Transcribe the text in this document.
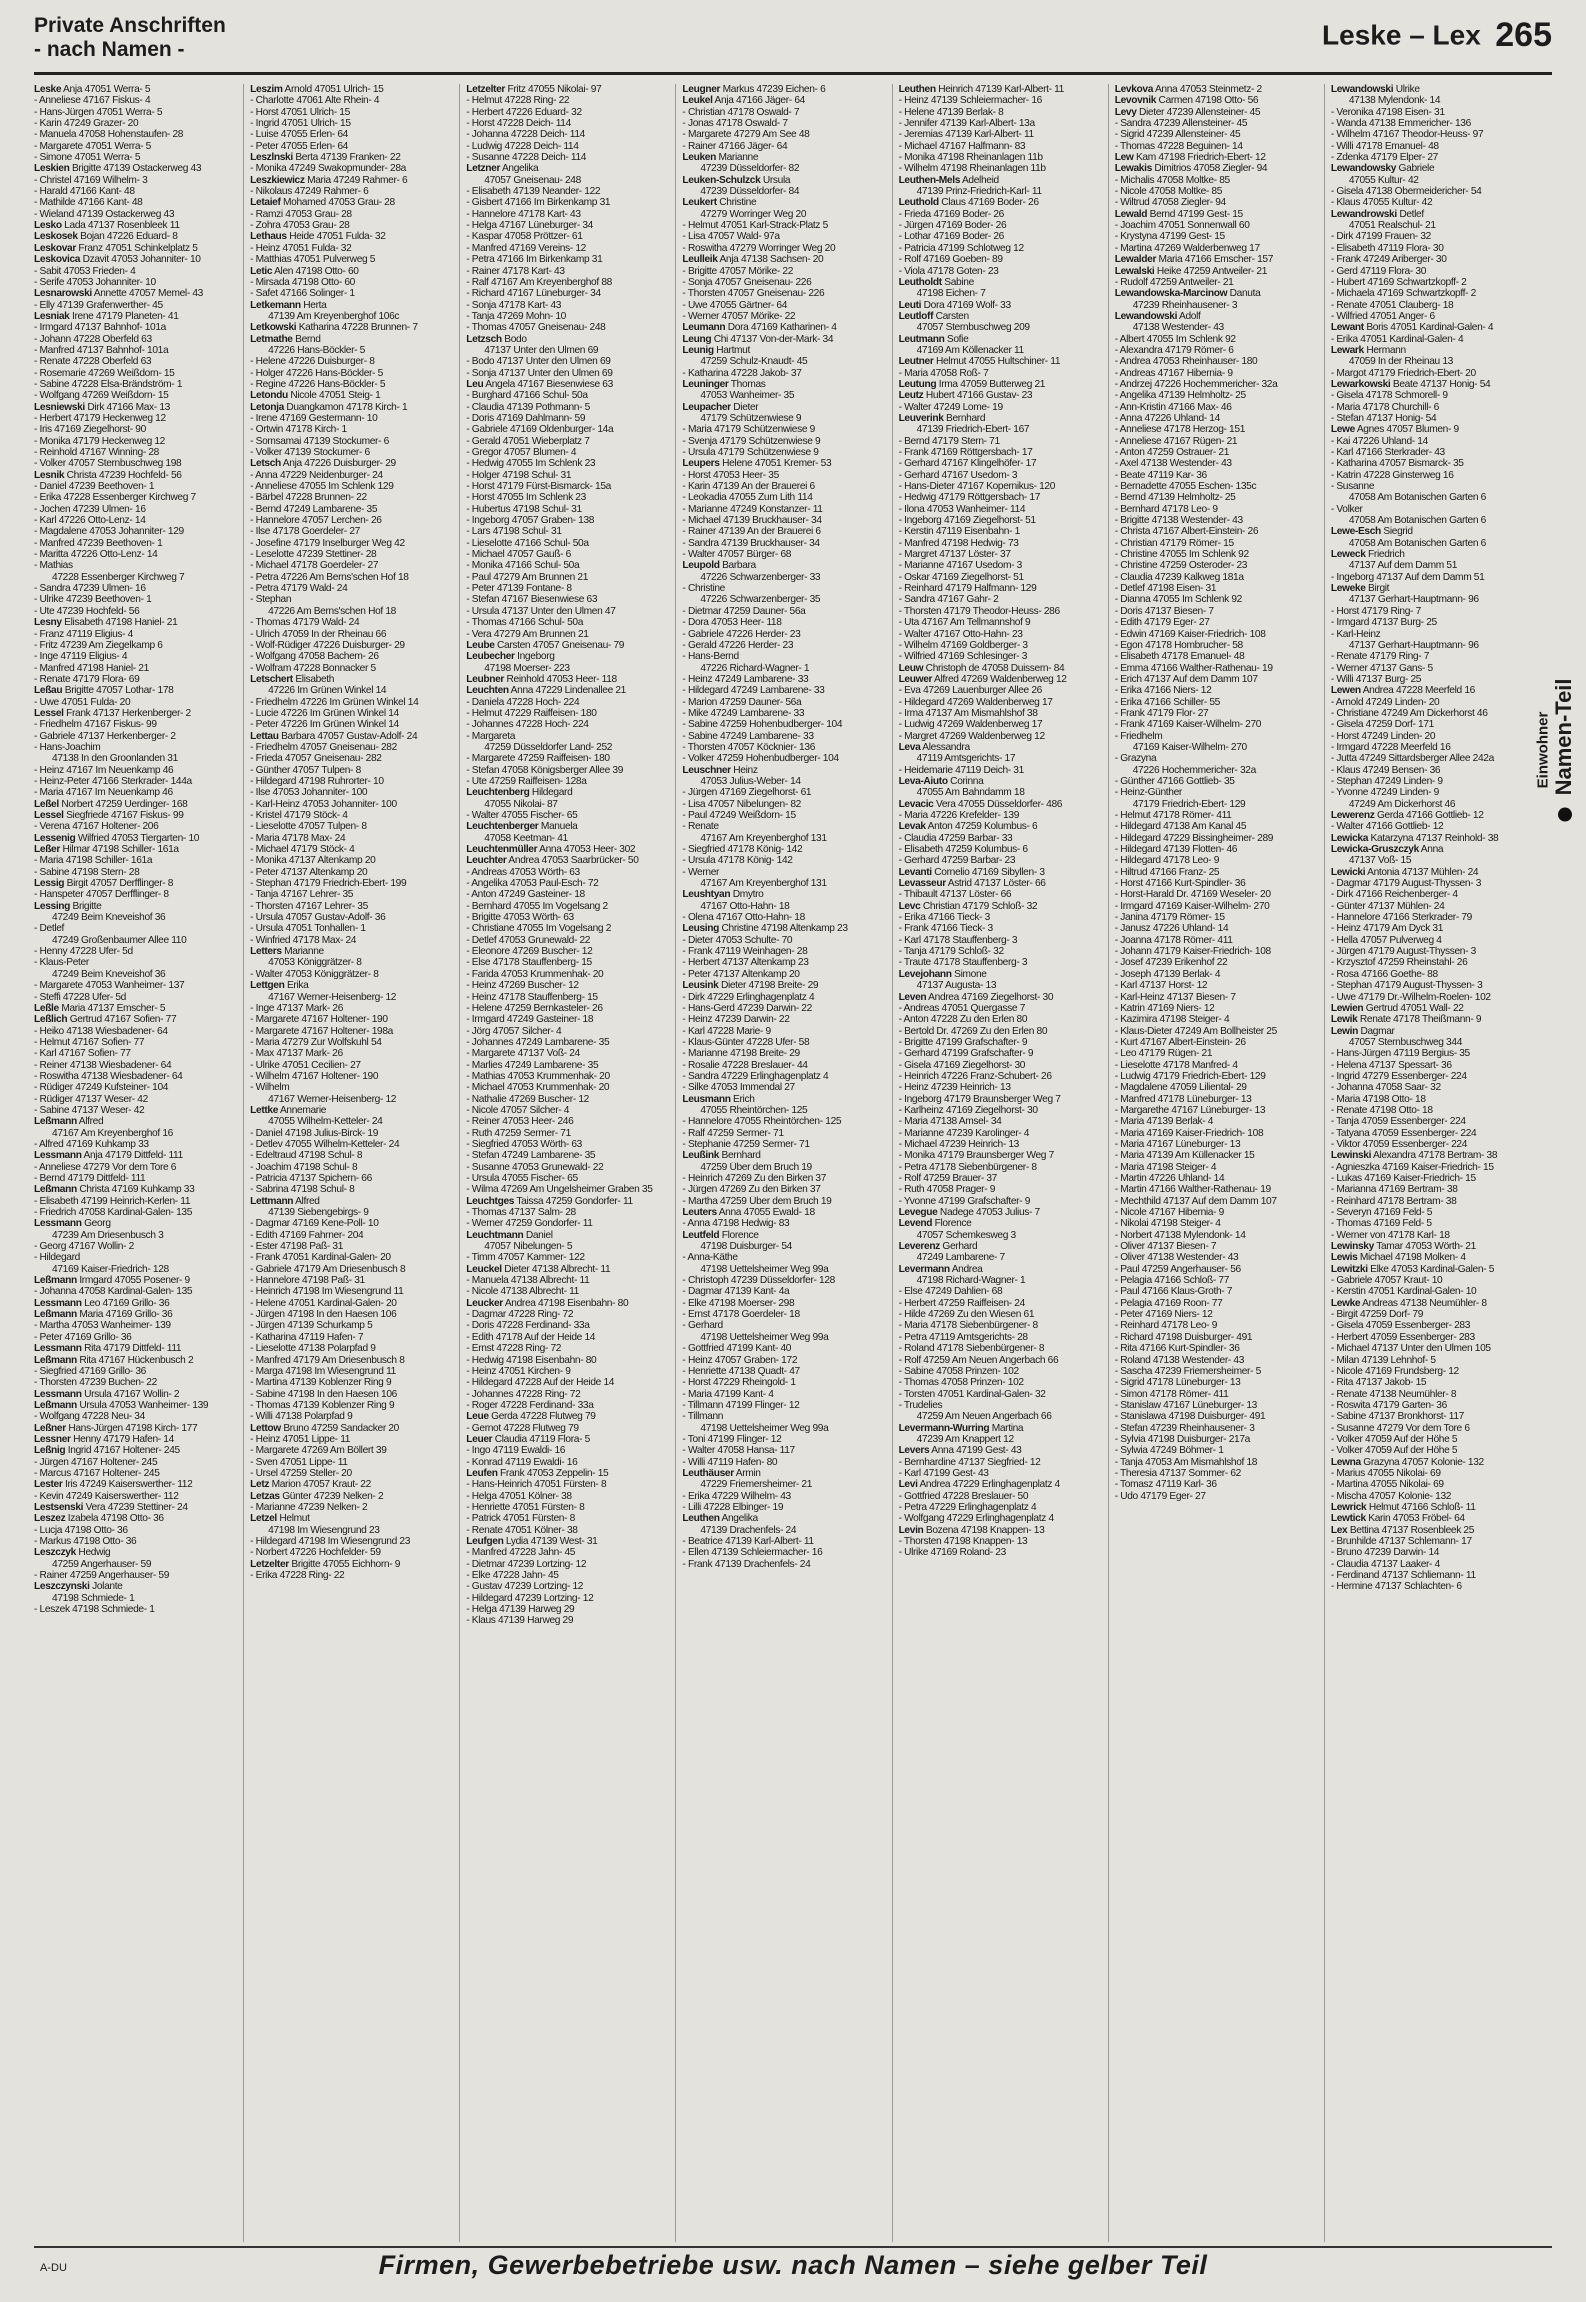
Private Anschriften
- nach Namen -	Leske – Lex 265
Leske Anja 47051 Werra- 5
- Anneliese 47167 Fiskus- 4
- Hans-Jürgen 47051 Werra- 5
- Karin 47249 Grazer- 20
- Manuela 47058 Hohenstaufen- 28
- Margarete 47051 Werra- 5
- Simone 47051 Werra- 5
Leskien Brigitte 47139 Ostackerweg 43
- Christel 47169 Wilhelm- 3
- Harald 47166 Kant- 48
- Mathilde 47166 Kant- 48
- Wieland 47139 Ostackerweg 43
Lesko Lada 47137 Rosenbleek 11
Leskosek Bojan 47226 Eduard- 8
Leskovar Franz 47051 Schinkelplatz 5
Leskovica Dzavit 47053 Johanniter- 10
- Sabit 47053 Frieden- 4
- Serife 47053 Johanniter- 10
Lesnarowski Annette 47057 Memel- 43
- Elly 47139 Grafenwerther- 45
Lesniak Irene 47179 Planeten- 41
- Irmgard 47137 Bahnhof- 101a
- Johann 47228 Oberfeld 63
- Manfred 47137 Bahnhof- 101a
- Renate 47228 Oberfeld 63
- Rosemarie 47269 Weißdorn- 15
- Sabine 47228 Elsa-Brändström- 1
- Wolfgang 47269 Weißdorn- 15
Lesniewski Dirk 47166 Max- 13
- Herbert 47179 Heckenweg 12
- Iris 47169 Ziegelhorst- 90
- Monika 47179 Heckenweg 12
- Reinhold 47167 Winning- 28
- Volker 47057 Sternbuschweg 198
Lesnik Christa 47239 Hochfeld- 56
- Daniel 47239 Beethoven- 1
- Erika 47228 Essenberger Kirchweg 7
- Jochen 47239 Ulmen- 16
- Karl 47226 Otto-Lenz- 14
- Magdalene 47053 Johanniter- 129
- Manfred 47239 Beethoven- 1
- Maritta 47226 Otto-Lenz- 14
- Mathias
47228 Essenberger Kirchweg 7
- Sandra 47239 Ulmen- 16
- Ulrike 47239 Beethoven- 1
- Ute 47239 Hochfeld- 56
Lesny Elisabeth 47198 Haniel- 21
- Franz 47119 Eligius- 4
- Fritz 47239 Am Ziegelkamp 6
- Inge 47119 Eligius- 4
- Manfred 47198 Haniel- 21
- Renate 47179 Flora- 69
Leßau Brigitte 47057 Lothar- 178
- Uwe 47051 Fulda- 20
Lessel Frank 47137 Herkenberger- 2
- Friedhelm 47167 Fiskus- 99
- Gabriele 47137 Herkenberger- 2
- Hans-Joachim
47138 In den Groonlanden 31
- Heinz 47167 Im Neuenkamp 46
- Heinz-Peter 47166 Sterkrader- 144a
- Maria 47167 Im Neuenkamp 46
Leßel Norbert 47259 Uerdinger- 168
Lessel Siegfriede 47167 Fiskus- 99
- Verena 47167 Holtener- 206
Lessenig Wilfried 47053 Tiergarten- 10
Leßer Hilmar 47198 Schiller- 161a
- Maria 47198 Schiller- 161a
- Sabine 47198 Stern- 28
Lessig Birgit 47057 Derfflinger- 8
- Hanspeter 47057 Derfflinger- 8
Lessing Brigitte
47249 Beim Kneveishof 36
- Detlef
47249 Großenbaumer Allee 110
- Henny 47228 Ufer- 5d
- Klaus-Peter
47249 Beim Kneveishof 36
- Margarete 47053 Wanheimer- 137
- Steffi 47228 Ufer- 5d
Leßle Maria 47137 Emscher- 5
Leßlich Gertrud 47167 Sofien- 77
- Heiko 47138 Wiesbadener- 64
- Helmut 47167 Sofien- 77
- Karl 47167 Sofien- 77
- Reiner 47138 Wiesbadener- 64
- Roswitha 47138 Wiesbadener- 64
- Rüdiger 47249 Kufsteiner- 104
- Rüdiger 47137 Weser- 42
- Sabine 47137 Weser- 42
Leßmann Alfred
47167 Am Kreyenberghof 16
- Alfred 47169 Kuhkamp 33
Lessmann Anja 47179 Dittfeld- 111
- Anneliese 47279 Vor dem Tore 6
- Bernd 47179 Dittfeld- 111
Leßmann Christa 47169 Kuhkamp 33
- Elisabeth 47199 Heinrich-Kerlen- 11
- Friedrich 47058 Kardinal-Galen- 135
Lessmann Georg
47239 Am Driesenbusch 3
- Georg 47167 Wollin- 2
- Hildegard
47169 Kaiser-Friedrich- 128
Leßmann Irmgard 47055 Posener- 9
- Johanna 47058 Kardinal-Galen- 135
Lessmann Leo 47169 Grillo- 36
Leßmann Maria 47169 Grillo- 36
- Martha 47053 Wanheimer- 139
- Peter 47169 Grillo- 36
Lessmann Rita 47179 Dittfeld- 111
Leßmann Rita 47167 Hückenbusch 2
- Siegfried 47169 Grillo- 36
- Thorsten 47239 Buchen- 22
Lessmann Ursula 47167 Wollin- 2
Leßmann Ursula 47053 Wanheimer- 139
- Wolfgang 47228 Neu- 34
Leßner Hans-Jürgen 47198 Kirch- 177
Lessner Henny 47179 Hafen- 14
Leßnig Ingrid 47167 Holtener- 245
- Jürgen 47167 Holtener- 245
- Marcus 47167 Holtener- 245
Lester Iris 47249 Kaiserswerther- 112
- Kevin 47249 Kaiserswerther- 112
Lestsenski Vera 47239 Stettiner- 24
Leszez Izabela 47198 Otto- 36
- Lucja 47198 Otto- 36
- Markus 47198 Otto- 36
Leszczyk Hedwig
47259 Angerhauser- 59
- Rainer 47259 Angerhauser- 59
Leszczynski Jolante
47198 Schmiede- 1
- Leszek 47198 Schmiede- 1
Leszim Arnold 47051 Ulrich- 15
- Charlotte 47061 Alte Rhein- 4
- Horst 47051 Ulrich- 15
- Ingrid 47051 Ulrich- 15
- Luise 47055 Erlen- 64
- Peter 47055 Erlen- 64
Leszlnski Berta 47139 Franken- 22
- Monika 47249 Swakopmunder- 28a
Leszkiewicz Maria 47249 Rahmer- 6
- Nikolaus 47249 Rahmer- 6
Letaief Mohamed 47053 Grau- 28
- Ramzi 47053 Grau- 28
- Zohra 47053 Grau- 28
Lethaus Heide 47051 Fulda- 32
- Heinz 47051 Fulda- 32
- Matthias 47051 Pulverweg 5
Letic Alen 47198 Otto- 60
- Mirsada 47198 Otto- 60
- Safet 47166 Solinger- 1
Letkemann Herta
47139 Am Kreyenberghof 106c
Letkowski Katharina 47228 Brunnen- 7
Letmathe Bernd
47226 Hans-Böckler- 5
- Helene 47226 Duisburger- 8
- Holger 47226 Hans-Böckler- 5
- Regine 47226 Hans-Böckler- 5
Letondu Nicole 47051 Steig- 1
Letonja Duangkamon 47178 Kirch- 1
- Irene 47169 Gestermann- 10
- Ortwin 47178 Kirch- 1
- Somsamai 47139 Stockumer- 6
- Volker 47139 Stockumer- 6
Letsch Anja 47226 Duisburger- 29
- Anna 47229 Neidenburger- 24
- Anneliese 47055 Im Schlenk 129
- Bärbel 47228 Brunnen- 22
- Bernd 47249 Lambarene- 35
- Hannelore 47057 Lerchen- 26
- Ilse 47178 Goerdeler- 27
- Josefine 47179 Inselburger Weg 42
- Leselotte 47239 Stettiner- 28
- Michael 47178 Goerdeler- 27
- Petra 47226 Am Berns'schen Hof 18
- Petra 47179 Wald- 24
- Stephan
47226 Am Berns'schen Hof 18
- Thomas 47179 Wald- 24
- Ulrich 47059 In der Rheinau 66
- Wolf-Rüdiger 47226 Duisburger- 29
- Wolfgang 47058 Bachem- 26
- Wolfram 47228 Bonnacker 5
Letschert Elisabeth
47226 Im Grünen Winkel 14
- Friedhelm 47226 Im Grünen Winkel 14
- Lucie 47226 Im Grünen Winkel 14
- Peter 47226 Im Grünen Winkel 14
Lettau Barbara 47057 Gustav-Adolf- 24
- Friedhelm 47057 Gneisenau- 282
- Frieda 47057 Gneisenau- 282
- Günther 47057 Tulpen- 8
- Hildegard 47198 Ruhrorter- 10
- Ilse 47053 Johanniter- 100
- Karl-Heinz 47053 Johanniter- 100
- Kristel 47179 Stöck- 4
- Lieselotte 47057 Tulpen- 8
- Maria 47178 Max- 24
- Michael 47179 Stöck- 4
- Monika 47137 Altenkamp 20
- Peter 47137 Altenkamp 20
- Stephan 47179 Friedrich-Ebert- 199
- Tanja 47167 Lehrer- 35
- Thorsten 47167 Lehrer- 35
- Ursula 47057 Gustav-Adolf- 36
- Ursula 47051 Tonhallen- 1
- Winfried 47178 Max- 24
Letters Marianne
47053 Königgrätzer- 8
- Walter 47053 Königgrätzer- 8
Lettgen Erika
47167 Werner-Heisenberg- 12
- Inge 47137 Mark- 26
- Margarete 47167 Holtener- 190
- Margarete 47167 Holtener- 198a
- Maria 47279 Zur Wolfskuhl 54
- Max 47137 Mark- 26
- Ulrike 47051 Cecilien- 27
- Wilhelm 47167 Holtener- 190
- Wilhelm
47167 Werner-Heisenberg- 12
Lettke Annemarie
47055 Wilhelm-Ketteler- 24
- Daniel 47198 Julius-Birck- 19
- Detlev 47055 Wilhelm-Ketteler- 24
- Edeltraud 47198 Schul- 8
- Joachim 47198 Schul- 8
- Patricia 47137 Spichern- 66
- Sabrina 47198 Schul- 8
Lettmann Alfred
47139 Siebengebirgs- 9
- Dagmar 47169 Kene-Poll- 10
- Edith 47169 Fahrner- 204
- Ester 47198 Paß- 31
- Frank 47051 Kardinal-Galen- 20
- Gabriele 47179 Am Driesenbusch 8
- Hannelore 47198 Paß- 31
- Heinrich 47198 Im Wiesengrund 11
- Helene 47051 Kardinal-Galen- 20
- Jürgen 47198 In den Haesen 106
- Jürgen 47139 Schurkamp 5
- Katharina 47119 Hafen- 7
- Lieselotte 47138 Polarpfad 9
- Manfred 47179 Am Driesenbusch 8
- Marga 47198 Im Wiesengrund 11
- Martina 47139 Koblenzer Ring 9
- Sabine 47198 In den Haesen 106
- Thomas 47139 Koblenzer Ring 9
- Willi 47138 Polarpfad 9
Lettow Bruno 47259 Sandacker 20
- Heinz 47051 Lippe- 11
- Margarete 47269 Am Böllert 39
- Sven 47051 Lippe- 11
- Ursel 47259 Steller- 20
Letz Marion 47057 Kraut- 22
Letzas Günter 47239 Nelken- 2
- Marianne 47239 Nelken- 2
Letzel Helmut
47198 Im Wiesengrund 23
- Hildegard 47198 Im Wiesengrund 23
- Norbert 47226 Hochfelder- 59
Letzelter Brigitte 47055 Eichhorn- 9
- Erika 47228 Ring- 22
Letzelter Fritz 47055 Nikolai- 97
- Helmut 47228 Ring- 22
- Herbert 47226 Eduard- 32
- Horst 47228 Deich- 114
- Johanna 47228 Deich- 114
- Ludwig 47228 Deich- 114
- Susanne 47228 Deich- 114
Letzner Angelika
47057 Gneisenau- 248
- Elisabeth 47139 Neander- 122
- Gisbert 47166 Im Birkenkamp 31
- Hannelore 47178 Kart- 43
- Helga 47167 Lüneburger- 34
- Kaspar 47058 Pröttzer- 61
- Manfred 47169 Vereins- 12
- Petra 47166 Im Birkenkamp 31
- Rainer 47178 Kart- 43
- Ralf 47167 Am Kreyenberghof 88
- Richard 47167 Lüneburger- 34
- Sonja 47178 Kart- 43
- Tanja 47269 Mohn- 10
- Thomas 47057 Gneisenau- 248
Letzsch Bodo
47137 Unter den Ulmen 69
- Bodo 47137 Unter den Ulmen 69
- Sonja 47137 Unter den Ulmen 69
Leu Angela 47167 Biesenwiese 63
- Burghard 47166 Schul- 50a
- Claudia 47139 Pothmann- 5
- Doris 47169 Dahlmann- 59
- Gabriele 47169 Oldenburger- 14a
- Gerald 47051 Wieberplatz 7
- Gregor 47057 Blumen- 4
- Hedwig 47055 Im Schlenk 23
- Holger 47198 Schul- 31
- Horst 47179 Fürst-Bismarck- 15a
- Horst 47055 Im Schlenk 23
- Hubertus 47198 Schul- 31
- Ingeborg 47057 Graben- 138
- Lars 47198 Schul- 31
- Lieselotte 47166 Schul- 50a
- Michael 47057 Gauß- 6
- Monika 47166 Schul- 50a
- Paul 47279 Am Brunnen 21
- Peter 47139 Fontane- 8
- Stefan 47167 Biesenwiese 63
- Ursula 47137 Unter den Ulmen 47
- Thomas 47166 Schul- 50a
- Vera 47279 Am Brunnen 21
Leube Carsten 47057 Gneisenau- 79
Leubecher Ingeborg
47198 Moerser- 223
Leubner Reinhold 47053 Heer- 118
Leuchten Anna 47229 Lindenallee 21
- Daniela 47228 Hoch- 224
- Helmut 47229 Raiffeisen- 180
- Johannes 47228 Hoch- 224
- Margareta
47259 Düsseldorfer Land- 252
- Margarete 47259 Raiffeisen- 180
- Stefan 47058 Königsberger Allee 39
- Ute 47259 Raiffeisen- 128a
Leuchtenberg Hildegard
47055 Nikolai- 87
- Walter 47055 Fischer- 65
Leuchtenberger Manuela
47058 Keetman- 41
Leuchtenmüller Anna 47053 Heer- 302
Leuchter Andrea 47053 Saarbrücker- 50
- Andreas 47053 Wörth- 63
- Angelika 47053 Paul-Esch- 72
- Anton 47249 Gasteiner- 18
- Bernhard 47055 Im Vogelsang 2
- Brigitte 47053 Wörth- 63
- Christiane 47055 Im Vogelsang 2
- Detlef 47053 Grunewald- 22
- Eleonore 47269 Buscher- 12
- Else 47178 Stauffenberg- 15
- Farida 47053 Krummenhak- 20
- Heinz 47269 Buscher- 12
- Heinz 47178 Stauffenberg- 15
- Helene 47259 Bernkasteler- 26
- Irmgard 47249 Gasteiner- 18
- Jörg 47057 Silcher- 4
- Johannes 47249 Lambarene- 35
- Margarete 47137 Voß- 24
- Marlies 47249 Lambarene- 35
- Mathias 47053 Krummenhak- 20
- Michael 47053 Krummenhak- 20
- Nathalie 47269 Buscher- 12
- Nicole 47057 Silcher- 4
- Reiner 47053 Heer- 246
- Ruth 47259 Sermer- 71
- Siegfried 47053 Wörth- 63
- Stefan 47249 Lambarene- 35
- Susanne 47053 Grunewald- 22
- Ursula 47055 Fischer- 65
- Wilma 47269 Am Ungelsheimer Graben 35
Leuchtges Taissa 47259 Gondorfer- 11
- Thomas 47137 Salm- 28
- Werner 47259 Gondorfer- 11
Leuchtmann Daniel
47057 Nibelungen- 5
- Timm 47057 Kammer- 122
Leuckel Dieter 47138 Albrecht- 11
- Manuela 47138 Albrecht- 11
- Nicole 47138 Albrecht- 11
Leucker Andrea 47198 Eisenbahn- 80
- Dagmar 47228 Ring- 72
- Doris 47228 Ferdinand- 33a
- Edith 47178 Auf der Heide 14
- Ernst 47228 Ring- 72
- Hedwig 47198 Eisenbahn- 80
- Heinz 47051 Kirchen- 9
- Hildegard 47228 Auf der Heide 14
- Johannes 47228 Ring- 72
- Roger 47228 Ferdinand- 33a
Leue Gerda 47228 Flutweg 79
- Gernot 47228 Flutweg 79
Leuer Claudia 47119 Flora- 5
- Ingo 47119 Ewaldi- 16
- Konrad 47119 Ewaldi- 16
Leufen Frank 47053 Zeppelin- 15
- Hans-Heinrich 47051 Fürsten- 8
- Helga 47051 Kölner- 38
- Henriette 47051 Fürsten- 8
- Patrick 47051 Fürsten- 8
- Renate 47051 Kölner- 38
Leufgen Lydia 47139 West- 31
- Manfred 47228 Jahn- 45
- Dietmar 47239 Lortzing- 12
- Elke 47228 Jahn- 45
- Gustav 47239 Lortzing- 12
- Hildegard 47239 Lortzing- 12
- Helga 47139 Harweg 29
- Klaus 47139 Harweg 29
Leugner Markus 47239 Eichen- 6
Leukel Anja 47166 Jäger- 64
- Christian 47178 Oswald- 7
- Jonas 47178 Oswald- 7
- Margarete 47279 Am See 48
- Rainer 47166 Jäger- 64
Leuken Marianne
47239 Düsseldorfer- 82
Leuken-Schulzck Ursula
47239 Düsseldorfer- 84
Leukert Christine
47279 Worringer Weg 20
- Helmut 47051 Karl-Strack-Platz 5
- Lisa 47057 Wald- 97a
- Roswitha 47279 Worringer Weg 20
Leulleik Anja 47138 Sachsen- 20
- Brigitte 47057 Mörike- 22
- Sonja 47057 Gneisenau- 226
- Thorsten 47057 Gneisenau- 226
- Uwe 47055 Gärtner- 64
- Werner 47057 Mörike- 22
Leumann Dora 47169 Katharinen- 4
Leung Chi 47137 Von-der-Mark- 34
Leunig Hartmut
47259 Schulz-Knaudt- 45
- Katharina 47228 Jakob- 37
Leuninger Thomas
47053 Wanheimer- 35
Leupacher Dieter
47179 Schützenwiese 9
- Maria 47179 Schützenwiese 9
- Svenja 47179 Schützenwiese 9
- Ursula 47179 Schützenwiese 9
Leupers Helene 47051 Kremer- 53
- Horst 47053 Heer- 35
- Karin 47139 An der Brauerei 6
- Leokadia 47055 Zum Lith 114
- Marianne 47249 Konstanzer- 11
- Michael 47139 Bruckhauser- 34
- Rainer 47139 An der Brauerei 6
- Sandra 47139 Bruckhauser- 34
- Walter 47057 Bürger- 68
Leupold Barbara
47226 Schwarzenberger- 33
- Christine
47226 Schwarzenberger- 35
- Dietmar 47259 Dauner- 56a
- Dora 47053 Heer- 118
- Gabriele 47226 Herder- 23
- Gerald 47226 Herder- 23
- Hans-Bernd
47226 Richard-Wagner- 1
- Heinz 47249 Lambarene- 33
- Hildegard 47249 Lambarene- 33
- Marion 47259 Dauner- 56a
- Mike 47249 Lambarene- 33
- Sabine 47259 Hohenbudberger- 104
- Sabine 47249 Lambarene- 33
- Thorsten 47057 Köcknier- 136
- Volker 47259 Hohenbudberger- 104
Leuschner Heinz
47053 Julius-Weber- 14
- Jürgen 47169 Ziegelhorst- 61
- Lisa 47057 Nibelungen- 82
- Paul 47249 Weißdorn- 15
- Renate
47167 Am Kreyenberghof 131
- Siegfried 47178 König- 142
- Ursula 47178 König- 142
- Werner
47167 Am Kreyenberghof 131
Leushtyan Dmytro
47167 Otto-Hahn- 18
- Olena 47167 Otto-Hahn- 18
Leusing Christine 47198 Altenkamp 23
- Dieter 47053 Schulte- 70
- Frank 47119 Weinhagen- 28
- Herbert 47137 Altenkamp 23
- Peter 47137 Altenkamp 20
Leusink Dieter 47198 Breite- 29
- Dirk 47229 Erlinghagenplatz 4
- Hans-Gerd 47239 Darwin- 22
- Heinz 47239 Darwin- 22
- Karl 47228 Marie- 9
- Klaus-Günter 47228 Ufer- 58
- Marianne 47198 Breite- 29
- Rosalie 47228 Breslauer- 44
- Sandra 47229 Erlinghagenplatz 4
- Silke 47053 Immendal 27
Leusmann Erich
47055 Rheintörchen- 125
- Hannelore 47055 Rheintörchen- 125
- Ralf 47259 Sermer- 71
- Stephanie 47259 Sermer- 71
Leußink Bernhard
47259 Über dem Bruch 19
- Heinrich 47269 Zu den Birken 37
- Jürgen 47269 Zu den Birken 37
- Martha 47259 Über dem Bruch 19
Leuters Anna 47055 Ewald- 18
- Anna 47198 Hedwig- 83
Leutfeld Florence
47198 Duisburger- 54
- Anna-Käthe
47198 Uettelsheimer Weg 99a
- Christoph 47239 Düsseldorfer- 128
- Dagmar 47139 Kant- 4a
- Elke 47198 Moerser- 298
- Ernst 47178 Goerdeler- 18
- Gerhard
47198 Uettelsheimer Weg 99a
- Gottfried 47199 Kant- 40
- Heinz 47057 Graben- 172
- Henriette 47138 Quadt- 47
- Horst 47229 Rheingold- 1
- Maria 47199 Kant- 4
- Tillmann 47199 Flinger- 12
- Tillmann
47198 Uettelsheimer Weg 99a
- Toni 47199 Flinger- 12
- Walter 47058 Hansa- 117
- Willi 47119 Hafen- 80
Leuthäuser Armin
47229 Friemersheimer- 21
- Erika 47229 Wilhelm- 43
- Lilli 47228 Elbinger- 19
Leuthen Angelika
47139 Drachenfels- 24
- Beatrice 47139 Karl-Albert- 11
- Ellen 47139 Schleiermacher- 16
- Frank 47139 Drachenfels- 24
Leuthen Heinrich 47139 Karl-Albert- 11
- Heinz 47139 Schleiermacher- 16
- Helene 47139 Berlak- 8
- Jennifer 47139 Karl-Albert- 13a
- Jeremias 47139 Karl-Albert- 11
- Michael 47167 Halfmann- 83
- Monika 47198 Rheinanlagen 11b
- Wilhelm 47198 Rheinanlagen 11b
Leuthen-Mels Adelheid
47139 Prinz-Friedrich-Karl- 11
Leuthold Claus 47169 Boder- 26
- Frieda 47169 Boder- 26
- Jürgen 47169 Boder- 26
- Lothar 47169 Boder- 26
- Patricia 47199 Schlotweg 12
- Rolf 47169 Goeben- 89
- Viola 47178 Goten- 23
Leutholdt Sabine
47198 Eichen- 7
Leuti Dora 47169 Wolf- 33
Leutloff Carsten
47057 Sternbuschweg 209
Leutmann Sofie
47169 Am Köllenacker 11
Leutner Helmut 47055 Hultschiner- 11
- Maria 47058 Roß- 7
Leutung Irma 47059 Butterweg 21
Leutz Hubert 47166 Gustav- 23
- Walter 47249 Lome- 19
Leuverink Bernhard
47139 Friedrich-Ebert- 167
- Bernd 47179 Stern- 71
- Frank 47169 Röttgersbach- 17
- Gerhard 47167 Klingelhöfer- 17
- Gerhard 47167 Usedom- 3
- Hans-Dieter 47167 Kopernikus- 120
- Hedwig 47179 Röttgersbach- 17
- Ilona 47053 Wanheimer- 114
- Ingeborg 47169 Ziegelhorst- 51
- Kerstin 47119 Eisenbahn- 1
- Manfred 47198 Hedwig- 73
- Margret 47137 Löster- 37
- Marianne 47167 Usedom- 3
- Oskar 47169 Ziegelhorst- 51
- Reinhard 47179 Halfmann- 129
- Sandra 47167 Gahr- 2
- Thorsten 47179 Theodor-Heuss- 286
- Uta 47167 Am Tellmannshof 9
- Walter 47167 Otto-Hahn- 23
- Wilhelm 47169 Goldberger- 3
- Wilfried 47169 Schlesinger- 3
Leuw Christoph de 47058 Duissern- 84
Leuwer Alfred 47269 Waldenberweg 12
- Eva 47269 Lauenburger Allee 26
- Hildegard 47269 Waldenberweg 17
- Irma 47137 Am Mismahlshof 38
- Ludwig 47269 Waldenberweg 17
- Margret 47269 Waldenberweg 12
Leva Alessandra
47119 Amtsgerichts- 17
- Heidemarie 47119 Deich- 31
Leva-Aiuto Corinna
47055 Am Bahndamm 18
Levacic Vera 47055 Düsseldorfer- 486
- Maria 47226 Krefelder- 139
Levak Anton 47259 Kolumbus- 6
- Claudia 47259 Barbar- 33
- Elisabeth 47259 Kolumbus- 6
- Gerhard 47259 Barbar- 23
Levanti Cornelio 47169 Sibyllen- 3
Levasseur Astrid 47137 Löster- 66
- Thibault 47137 Löster- 66
Levc Christian 47179 Schloß- 32
- Erika 47166 Tieck- 3
- Frank 47166 Tieck- 3
- Karl 47178 Stauffenberg- 3
- Tanja 47179 Schloß- 32
- Traute 47178 Stauffenberg- 3
Levejohann Simone
47137 Augusta- 13
Leven Andrea 47169 Ziegelhorst- 30
- Andreas 47051 Quergasse 7
- Anton 47228 Zu den Erlen 80
- Bertold Dr. 47269 Zu den Erlen 80
- Brigitte 47199 Grafschafter- 9
- Gerhard 47199 Grafschafter- 9
- Gisela 47169 Ziegelhorst- 30
- Heinrich 47226 Franz-Schubert- 26
- Heinz 47239 Heinrich- 13
- Ingeborg 47179 Braunsberger Weg 7
- Karlheinz 47169 Ziegelhorst- 30
- Maria 47138 Amsel- 34
- Marianne 47239 Karolinger- 4
- Michael 47239 Heinrich- 13
- Monika 47179 Braunsberger Weg 7
- Petra 47178 Siebenbürgener- 8
- Rolf 47259 Brauer- 37
- Ruth 47058 Prager- 9
- Yvonne 47199 Grafschafter- 9
Levegue Nadege 47053 Julius- 7
Levend Florence
47057 Schemkesweg 3
Leverenz Gerhard
47249 Lambarene- 7
Levermann Andrea
47198 Richard-Wagner- 1
- Else 47249 Dahlien- 68
- Herbert 47259 Raiffeisen- 24
- Hilde 47269 Zu den Wiesen 61
- Maria 47178 Siebenbürgener- 8
- Petra 47119 Amtsgerichts- 28
- Roland 47178 Siebenbürgener- 8
- Rolf 47259 Am Neuen Angerbach 66
- Sabine 47058 Prinzen- 102
- Thomas 47058 Prinzen- 102
- Torsten 47051 Kardinal-Galen- 32
- Trudelies
47259 Am Neuen Angerbach 66
Levermann-Wurring Martina
47239 Am Knappert 12
Levers Anna 47199 Gest- 43
- Bernhardine 47137 Siegfried- 12
- Karl 47199 Gest- 43
Levi Andrea 47229 Erlinghagenplatz 4
- Gottfried 47228 Breslauer- 50
- Petra 47229 Erlinghagenplatz 4
- Wolfgang 47229 Erlinghagenplatz 4
Levin Bozena 47198 Knappen- 13
- Thorsten 47198 Knappen- 13
- Ulrike 47169 Roland- 23
Levkova Anna 47053 Steinmetz- 2
Levovnik Carmen 47198 Otto- 56
Levy Dieter 47239 Allensteiner- 45
- Sandra 47239 Allensteiner- 45
- Sigrid 47239 Allensteiner- 45
- Thomas 47228 Beguinen- 14
Lew Kam 47198 Friedrich-Ebert- 12
Lewakis Dimitrios 47058 Ziegler- 94
- Michalis 47058 Moltke- 85
- Nicole 47058 Moltke- 85
- Wiltrud 47058 Ziegler- 94
Lewald Bernd 47199 Gest- 15
- Joachim 47051 Sonnenwall 60
- Krystyna 47199 Gest- 15
- Martina 47269 Walderbenweg 17
Lewalder Maria 47166 Emscher- 157
Lewalski Heike 47259 Antweiler- 21
- Rudolf 47259 Antweiler- 21
Lewandowska-Marcinow Danuta
47239 Rheinhausener- 3
Lewandowski Adolf
47138 Westender- 43
- Albert 47055 Im Schlenk 92
- Alexandra 47179 Römer- 6
- Andrea 47053 Rheinhauser- 180
- Andreas 47167 Hibernia- 9
- Andrzej 47226 Hochemmericher- 32a
- Angelika 47139 Helmholtz- 25
- Ann-Kristin 47166 Max- 46
- Anna 47226 Uhland- 14
- Anneliese 47178 Herzog- 151
- Anneliese 47167 Rügen- 21
- Anton 47259 Ostrauer- 21
- Axel 47138 Westender- 43
- Beate 47119 Kar- 36
- Bernadette 47055 Eschen- 135c
- Bernd 47139 Helmholtz- 25
- Bernhard 47178 Leo- 9
- Brigitte 47138 Westender- 43
- Christa 47167 Albert-Einstein- 26
- Christian 47179 Römer- 15
- Christine 47055 Im Schlenk 92
- Christine 47259 Osteroder- 23
- Claudia 47239 Kalkweg 181a
- Detlef 47198 Eisen- 31
- Dianna 47055 Im Schlenk 92
- Doris 47137 Biesen- 7
- Edith 47179 Eger- 27
- Edwin 47169 Kaiser-Friedrich- 108
- Egon 47178 Hombrucher- 58
- Elisabeth 47178 Emanuel- 48
- Emma 47166 Walther-Rathenau- 19
- Erich 47137 Auf dem Damm 107
- Erika 47166 Niers- 12
- Erika 47166 Schiller- 55
- Frank 47179 Flor- 27
- Frank 47169 Kaiser-Wilhelm- 270
- Friedhelm
47169 Kaiser-Wilhelm- 270
- Grazyna
47226 Hochemmericher- 32a
- Günther 47166 Gottlieb- 35
- Heinz-Günther
47179 Friedrich-Ebert- 129
- Helmut 47178 Römer- 411
- Hildegard 47138 Am Kanal 45
- Hildegard 47229 Bissingheimer- 289
- Hildegard 47139 Flotten- 46
- Hildegard 47178 Leo- 9
- Hiltrud 47166 Franz- 25
- Horst 47166 Kurt-Spindler- 36
- Horst-Harald Dr. 47169 Weseler- 20
- Irmgard 47169 Kaiser-Wilhelm- 270
- Janina 47179 Römer- 15
- Janusz 47226 Uhland- 14
- Joanna 47178 Römer- 411
- Johann 47179 Kaiser-Friedrich- 108
- Josef 47239 Erikenhof 22
- Joseph 47139 Berlak- 4
- Karl 47137 Horst- 12
- Karl-Heinz 47137 Biesen- 7
- Katrin 47169 Niers- 12
- Kazimira 47198 Steiger- 4
- Klaus-Dieter 47249 Am Bollheister 25
- Kurt 47167 Albert-Einstein- 26
- Leo 47179 Rügen- 21
- Lieselotte 47178 Manfred- 4
- Ludwig 47179 Friedrich-Ebert- 129
- Magdalene 47059 Liliental- 29
- Manfred 47178 Lüneburger- 13
- Margarethe 47167 Lüneburger- 13
- Maria 47139 Berlak- 4
- Maria 47169 Kaiser-Friedrich- 108
- Maria 47167 Lüneburger- 13
- Maria 47139 Am Küllenacker 15
- Maria 47198 Steiger- 4
- Martin 47226 Uhland- 14
- Martin 47166 Walther-Rathenau- 19
- Mechthild 47137 Auf dem Damm 107
- Nicole 47167 Hibernia- 9
- Nikolai 47198 Steiger- 4
- Norbert 47138 Mylendonk- 14
- Oliver 47137 Biesen- 7
- Oliver 47138 Westender- 43
- Paul 47259 Angerhauser- 56
- Pelagia 47166 Schloß- 77
- Paul 47166 Klaus-Groth- 7
- Pelagia 47169 Roon- 77
- Peter 47169 Niers- 12
- Reinhard 47178 Leo- 9
- Richard 47198 Duisburger- 491
- Rita 47166 Kurt-Spindler- 36
- Roland 47138 Westender- 43
- Sascha 47239 Friemersheimer- 5
- Sigrid 47178 Lüneburger- 13
- Simon 47178 Römer- 411
- Stanislaw 47167 Lüneburger- 13
- Stanislawa 47198 Duisburger- 491
- Stefan 47239 Rheinhausener- 3
- Sylvia 47198 Duisburger- 217a
- Sylwia 47249 Böhmer- 1
- Tanja 47053 Am Mismahlshof 18
- Theresia 47137 Sommer- 62
- Tomasz 47119 Karl- 36
- Udo 47179 Eger- 27
Lewandowski Ulrike
47138 Mylendonk- 14
- Veronika 47198 Eisen- 31
- Wanda 47138 Emmericher- 136
- Wilhelm 47167 Theodor-Heuss- 97
- Willi 47178 Emanuel- 48
- Zdenka 47179 Elper- 27
Lewandowsky Gabriele
47055 Kultur- 42
- Gisela 47138 Obermeidericher- 54
- Klaus 47055 Kultur- 42
Lewandrowski Detlef
47051 Realschul- 21
- Dirk 47199 Frauen- 32
- Elisabeth 47119 Flora- 30
- Frank 47249 Ariberger- 30
- Gerd 47119 Flora- 30
- Hubert 47169 Schwartzkopff- 2
- Michaela 47169 Schwartzkopff- 2
- Renate 47051 Clauberg- 18
- Wilfried 47051 Anger- 6
Lewant Boris 47051 Kardinal-Galen- 4
- Erika 47051 Kardinal-Galen- 4
Lewark Hermann
47059 In der Rheinau 13
- Margot 47179 Friedrich-Ebert- 20
Lewarkowski Beate 47137 Honig- 54
- Gisela 47178 Schmorell- 9
- Maria 47178 Churchill- 6
- Stefan 47137 Honig- 54
Lewe Agnes 47057 Blumen- 9
- Kai 47226 Uhland- 14
- Karl 47166 Sterkrader- 43
- Katharina 47057 Bismarck- 35
- Katrin 47228 Ginsterweg 16
- Susanne
47058 Am Botanischen Garten 6
- Volker
47058 Am Botanischen Garten 6
Lewe-Esch Siegrid
47058 Am Botanischen Garten 6
Leweck Friedrich
47137 Auf dem Damm 51
- Ingeborg 47137 Auf dem Damm 51
Leweke Birgit
47137 Gerhart-Hauptmann- 96
- Horst 47179 Ring- 7
- Irmgard 47137 Burg- 25
- Karl-Heinz
47137 Gerhart-Hauptmann- 96
- Renate 47179 Ring- 7
- Werner 47137 Gans- 5
- Willi 47137 Burg- 25
Lewen Andrea 47228 Meerfeld 16
- Arnold 47249 Linden- 20
- Christiane 47249 Am Dickerhorst 46
- Gisela 47259 Dorf- 171
- Horst 47249 Linden- 20
- Irmgard 47228 Meerfeld 16
- Jutta 47249 Sittardsberger Allee 242a
- Klaus 47249 Bensen- 36
- Stephan 47249 Linden- 9
- Yvonne 47249 Linden- 9
47249 Am Dickerhorst 46
Lewerenz Gerda 47166 Gottlieb- 12
- Walter 47166 Gottlieb- 12
Lewicka Katarzyna 47137 Reinhold- 38
Lewicka-Gruszczyk Anna
47137 Voß- 15
Lewicki Antonia 47137 Mühlen- 24
- Dagmar 47179 August-Thyssen- 3
- Dirk 47166 Reichenberger- 4
- Günter 47137 Mühlen- 24
- Hannelore 47166 Sterkrader- 79
- Heinz 47179 Am Dyck 31
- Hella 47057 Pulverweg 4
- Jürgen 47179 August-Thyssen- 3
- Krzysztof 47259 Rheinstahl- 26
- Rosa 47166 Goethe- 88
- Stephan 47179 August-Thyssen- 3
- Uwe 47179 Dr.-Wilhelm-Roelen- 102
Lewien Gertrud 47051 Wall- 22
Lewik Renate 47178 Theißmann- 9
Lewin Dagmar
47057 Sternbuschweg 344
- Hans-Jürgen 47119 Bergius- 35
- Helena 47137 Spessart- 36
- Ingrid 47279 Essenberger- 224
- Johanna 47058 Saar- 32
- Maria 47198 Otto- 18
- Renate 47198 Otto- 18
- Tanja 47059 Essenberger- 224
- Tatyana 47059 Essenberger- 224
- Viktor 47059 Essenberger- 224
Lewinski Alexandra 47178 Bertram- 38
- Agnieszka 47169 Kaiser-Friedrich- 15
- Lukas 47169 Kaiser-Friedrich- 15
- Marianna 47169 Bertram- 38
- Reinhard 47178 Bertram- 38
- Severyn 47169 Feld- 5
- Thomas 47169 Feld- 5
- Werner von 47178 Karl- 18
Lewinsky Tamar 47053 Wörth- 21
Lewis Michael 47198 Molken- 4
Lewitzki Elke 47053 Kardinal-Galen- 5
- Gabriele 47057 Kraut- 10
- Kerstin 47051 Kardinal-Galen- 10
Lewke Andreas 47138 Neumühler- 8
- Birgit 47259 Dorf- 79
- Gisela 47059 Essenberger- 283
- Herbert 47059 Essenberger- 283
- Michael 47137 Unter den Ulmen 105
- Milan 47139 Lehnhof- 5
- Nicole 47169 Frundsberg- 12
- Rita 47137 Jakob- 15
- Renate 47138 Neumühler- 8
- Roswita 47179 Garten- 36
- Sabine 47137 Bronkhorst- 117
- Susanne 47279 Vor dem Tore 6
- Volker 47059 Auf der Höhe 5
- Volker 47059 Auf der Höhe 5
Lewna Grazyna 47057 Kolonie- 132
- Marius 47055 Nikolai- 69
- Martina 47055 Nikolai- 69
- Mischa 47057 Kolonie- 132
Lewrick Helmut 47166 Schloß- 11
Lewtick Karin 47053 Fröbel- 64
Lex Bettina 47137 Rosenbleek 25
- Brunhilde 47137 Schlemann- 17
- Bruno 47239 Darwin- 14
- Claudia 47137 Laaker- 4
- Ferdinand 47137 Schliemann- 11
- Hermine 47137 Schlachten- 6
Namen-Teil
Einwohner
A-DU	Firmen, Gewerbebetriebe usw. nach Namen – siehe gelber Teil
